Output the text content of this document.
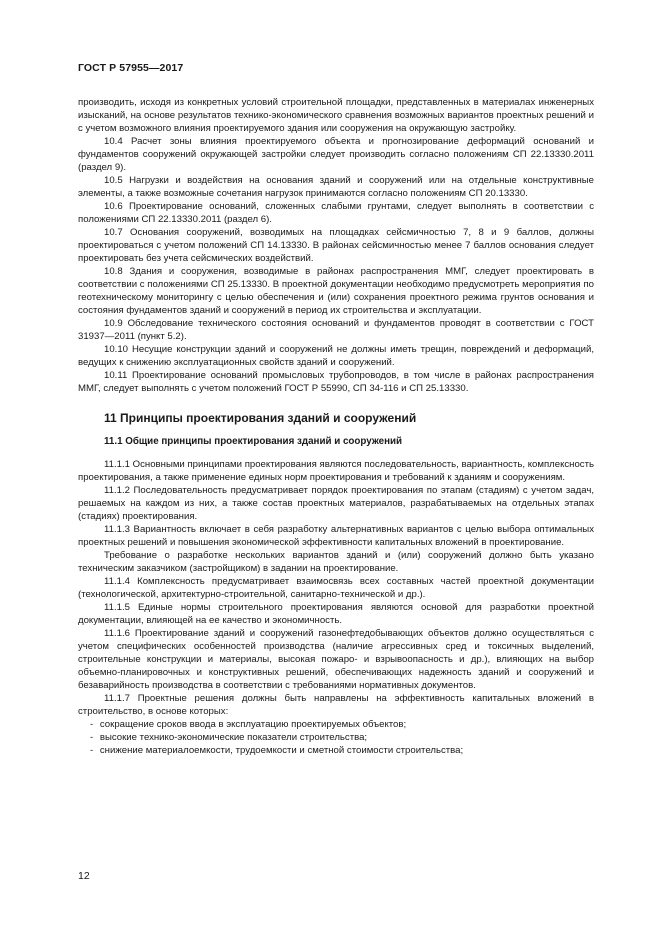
ГОСТ Р 57955—2017

производить, исходя из конкретных условий строительной площадки, представленных в материалах инженерных изысканий, на основе результатов технико-экономического сравнения возможных вариантов проектных решений и с учетом возможного влияния проектируемого здания или сооружения на окружающую застройку.

10.4 Расчет зоны влияния проектируемого объекта и прогнозирование деформаций оснований и фундаментов сооружений окружающей застройки следует производить согласно положениям СП 22.13330.2011 (раздел 9).

10.5 Нагрузки и воздействия на основания зданий и сооружений или на отдельные конструктивные элементы, а также возможные сочетания нагрузок принимаются согласно положениям СП 20.13330.

10.6 Проектирование оснований, сложенных слабыми грунтами, следует выполнять в соответствии с положениями СП 22.13330.2011 (раздел 6).

10.7 Основания сооружений, возводимых на площадках сейсмичностью 7, 8 и 9 баллов, должны проектироваться с учетом положений СП 14.13330. В районах сейсмичностью менее 7 баллов основания следует проектировать без учета сейсмических воздействий.

10.8 Здания и сооружения, возводимые в районах распространения ММГ, следует проектировать в соответствии с положениями СП 25.13330. В проектной документации необходимо предусмотреть мероприятия по геотехническому мониторингу с целью обеспечения и (или) сохранения проектного режима грунтов основания и состояния фундаментов зданий и сооружений в период их строительства и эксплуатации.

10.9 Обследование технического состояния оснований и фундаментов проводят в соответствии с ГОСТ 31937—2011 (пункт 5.2).

10.10 Несущие конструкции зданий и сооружений не должны иметь трещин, повреждений и деформаций, ведущих к снижению эксплуатационных свойств зданий и сооружений.

10.11 Проектирование оснований промысловых трубопроводов, в том числе в районах распространения ММГ, следует выполнять с учетом положений ГОСТ Р 55990, СП 34-116 и СП 25.13330.

11 Принципы проектирования зданий и сооружений
11.1 Общие принципы проектирования зданий и сооружений

11.1.1 Основными принципами проектирования являются последовательность, вариантность, комплексность проектирования, а также применение единых норм проектирования и требований к зданиям и сооружениям.

11.1.2 Последовательность предусматривает порядок проектирования по этапам (стадиям) с учетом задач, решаемых на каждом из них, а также состав проектных материалов, разрабатываемых на отдельных этапах (стадиях) проектирования.

11.1.3 Вариантность включает в себя разработку альтернативных вариантов с целью выбора оптимальных проектных решений и повышения экономической эффективности капитальных вложений в проектирование.

Требование о разработке нескольких вариантов зданий и (или) сооружений должно быть указано техническим заказчиком (застройщиком) в задании на проектирование.

11.1.4 Комплексность предусматривает взаимосвязь всех составных частей проектной документации (технологической, архитектурно-строительной, санитарно-технической и др.).

11.1.5 Единые нормы строительного проектирования являются основой для разработки проектной документации, влияющей на ее качество и экономичность.

11.1.6 Проектирование зданий и сооружений газонефтедобывающих объектов должно осуществляться с учетом специфических особенностей производства (наличие агрессивных сред и токсичных выделений, строительные конструкции и материалы, высокая пожаро- и взрывоопасность и др.), влияющих на выбор объемно-планировочных и конструктивных решений, обеспечивающих надежность зданий и сооружений и безаварийность производства в соответствии с требованиями нормативных документов.

11.1.7 Проектные решения должны быть направлены на эффективность капитальных вложений в строительство, в основе которых:

- сокращение сроков ввода в эксплуатацию проектируемых объектов;

- высокие технико-экономические показатели строительства;

- снижение материалоемкости, трудоемкости и сметной стоимости строительства;

12
